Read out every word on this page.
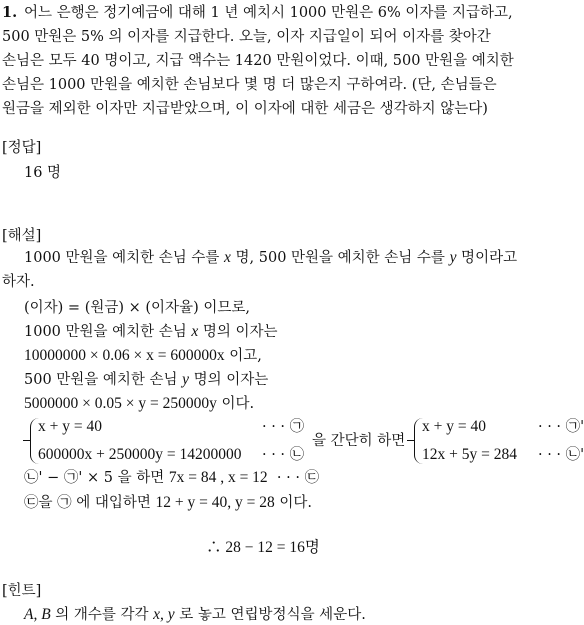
1. 어느 은행은 정기예금에 대해 1 년 예치시 1000 만원은 6% 이자를 지급하고,
500 만원은 5% 의 이자를 지급한다. 오늘, 이자 지급일이 되어 이자를 찾아간
손님은 모두 40 명이고, 지급 액수는 1420 만원이었다. 이때, 500 만원을 예치한
손님은 1000 만원을 예치한 손님보다 몇 명 더 많은지 구하여라. (단, 손님들은
원금을 제외한 이자만 지급받았으며, 이 이자에 대한 세금은 생각하지 않는다)
[정답]
16 명
[해설]
1000 만원을 예치한 손님 수를 x 명, 500 만원을 예치한 손님 수를 y 명이라고
하자.
(이자) = (원금) × (이자율) 이므로,
1000 만원을 예치한 손님 x 명의 이자는
10000000 × 0.06 × x = 600000x 이고,
500 만원을 예치한 손님 y 명의 이자는
5000000 × 0.05 × y = 250000y 이다.
x + y = 40
600000x + 250000y = 14200000
· · · ㉠
· · · ㉡
을 간단히 하면
x + y = 40
12x + 5y = 284
· · · ㉠'
· · · ㉡'
㉡' − ㉠' × 5 을 하면 7x = 84 , x = 12 · · · ㉢
㉢을 ㉠ 에 대입하면 12 + y = 40, y = 28 이다.
∴ 28 − 12 = 16명
[힌트]
A, B 의 개수를 각각 x, y 로 놓고 연립방정식을 세운다.
